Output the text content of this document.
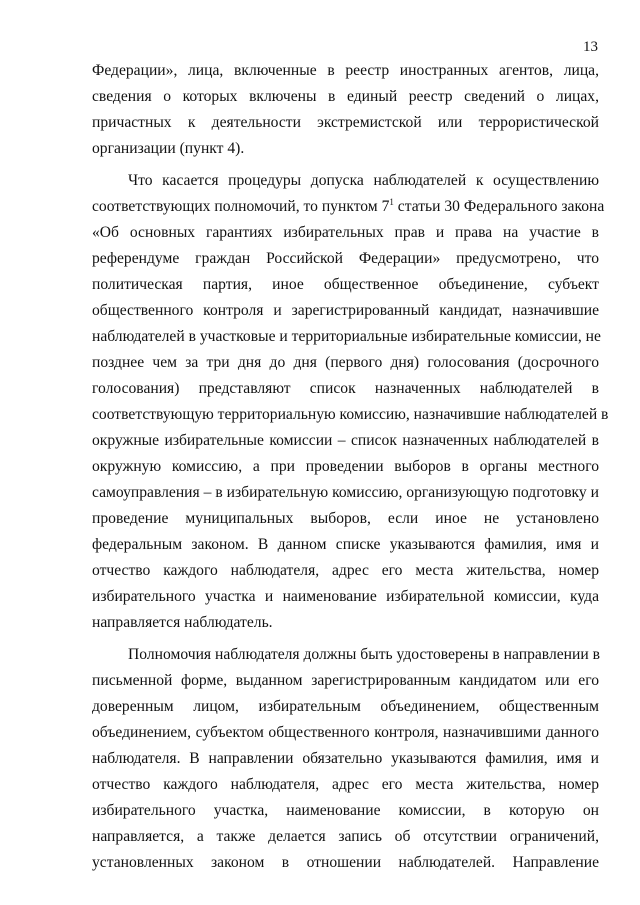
13
Федерации», лица, включенные в реестр иностранных агентов, лица,
сведения о которых включены в единый реестр сведений о лицах,
причастных к деятельности экстремистской или террористической
организации (пункт 4).
Что касается процедуры допуска наблюдателей к осуществлению
соответствующих полномочий, то пунктом $7^1$ статьи 30 Федерального закона
«Об основных гарантиях избирательных прав и права на участие в
референдуме граждан Российской Федерации» предусмотрено, что
политическая партия, иное общественное объединение, субъект
общественного контроля и зарегистрированный кандидат, назначившие
наблюдателей в участковые и территориальные избирательные комиссии, не
позднее чем за три дня до дня (первого дня) голосования (досрочного
голосования) представляют список назначенных наблюдателей в
соответствующую территориальную комиссию, назначившие наблюдателей в
окружные избирательные комиссии – список назначенных наблюдателей в
окружную комиссию, а при проведении выборов в органы местного
самоуправления – в избирательную комиссию, организующую подготовку и
проведение муниципальных выборов, если иное не установлено
федеральным законом. В данном списке указываются фамилия, имя и
отчество каждого наблюдателя, адрес его места жительства, номер
избирательного участка и наименование избирательной комиссии, куда
направляется наблюдатель.
Полномочия наблюдателя должны быть удостоверены в направлении в
письменной форме, выданном зарегистрированным кандидатом или его
доверенным лицом, избирательным объединением, общественным
объединением, субъектом общественного контроля, назначившими данного
наблюдателя. В направлении обязательно указываются фамилия, имя и
отчество каждого наблюдателя, адрес его места жительства, номер
избирательного участка, наименование комиссии, в которую он
направляется, а также делается запись об отсутствии ограничений,
установленных законом в отношении наблюдателей. Направление
